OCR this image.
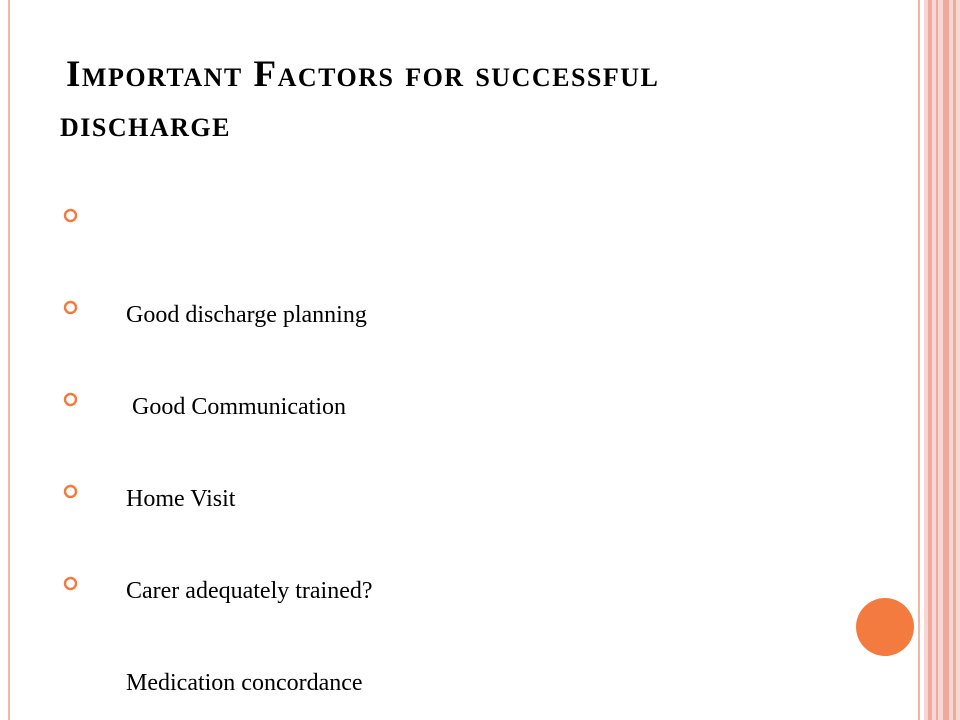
Important Factors for successful
discharge

Good discharge planning

Good Communication

Home Visit

Carer adequately trained?

Medication concordance
